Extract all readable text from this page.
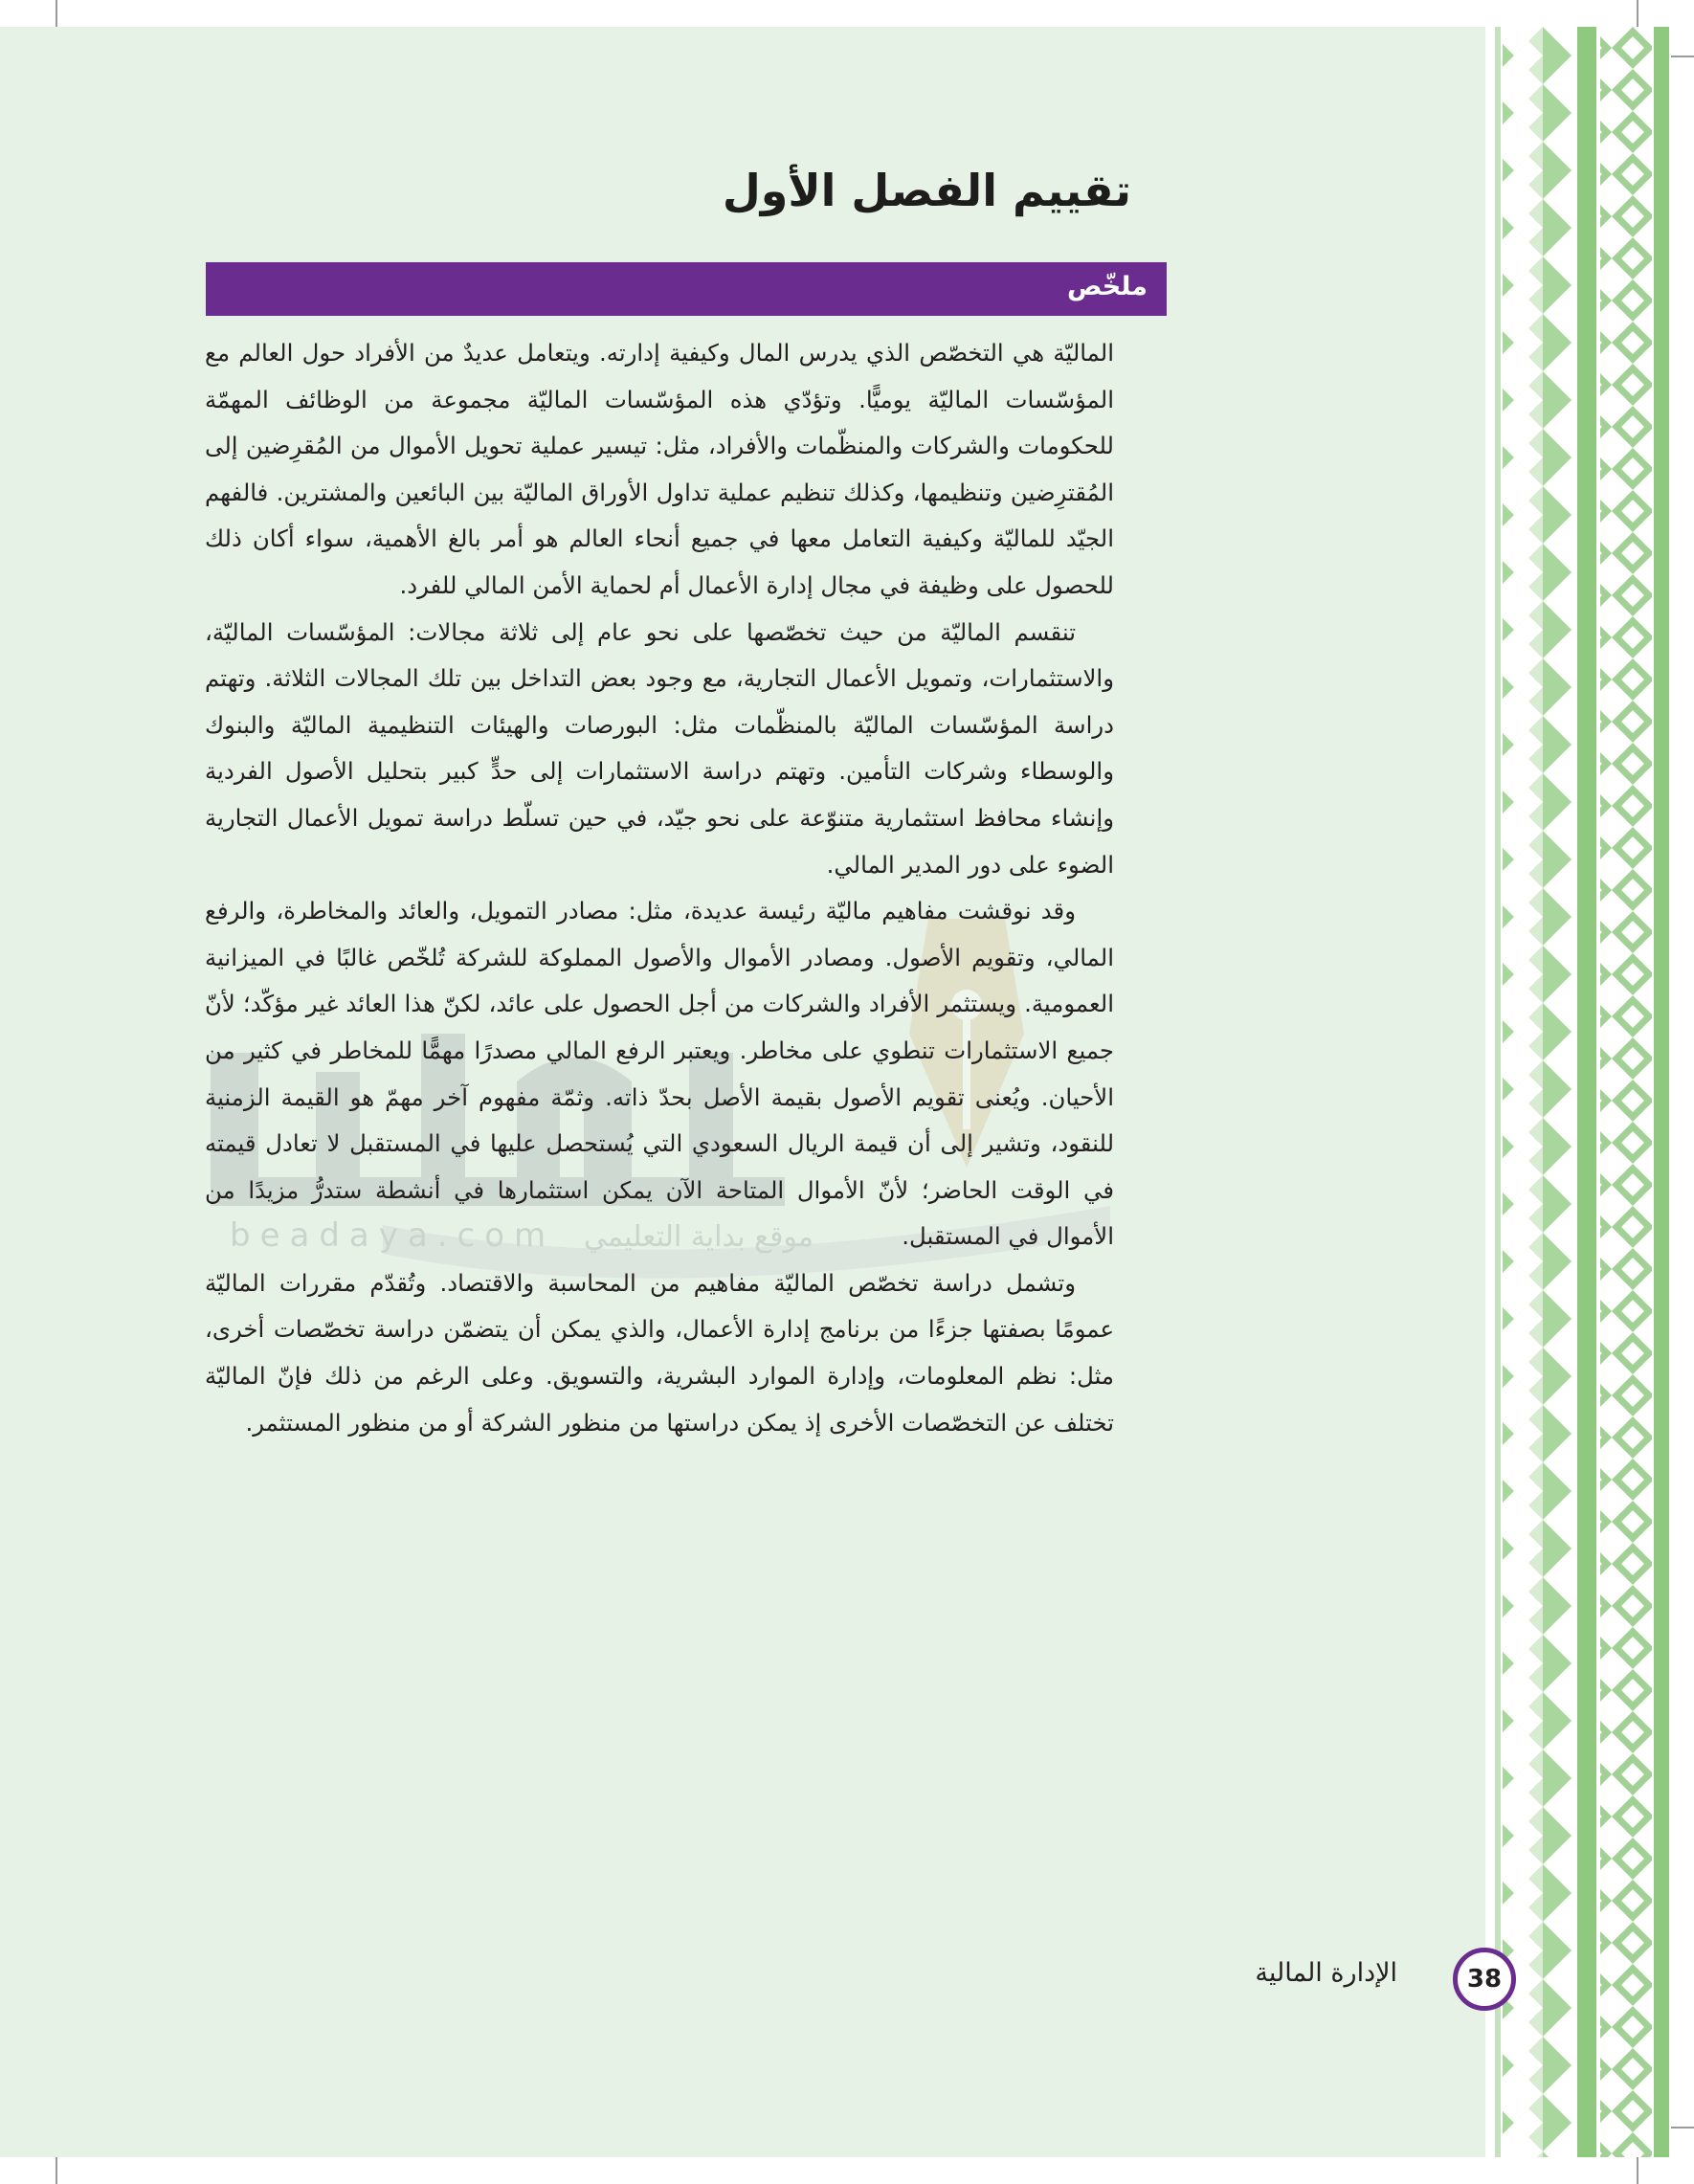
تقييم الفصل الأول
ملخّص
beadaya.com موقع بداية التعليمي

الماليّة هي التخصّص الذي يدرس المال وكيفية إدارته. ويتعامل عديدٌ من الأفراد حول العالم مع المؤسّسات الماليّة يوميًّا. وتؤدّي هذه المؤسّسات الماليّة مجموعة من الوظائف المهمّة للحكومات والشركات والمنظّمات والأفراد، مثل: تيسير عملية تحويل الأموال من المُقرِضين إلى المُقترِضين وتنظيمها، وكذلك تنظيم عملية تداول الأوراق الماليّة بين البائعين والمشترين. فالفهم الجيّد للماليّة وكيفية التعامل معها في جميع أنحاء العالم هو أمر بالغ الأهمية، سواء أكان ذلك للحصول على وظيفة في مجال إدارة الأعمال أم لحماية الأمن المالي للفرد.

تنقسم الماليّة من حيث تخصّصها على نحو عام إلى ثلاثة مجالات: المؤسّسات الماليّة، والاستثمارات، وتمويل الأعمال التجارية، مع وجود بعض التداخل بين تلك المجالات الثلاثة. وتهتم دراسة المؤسّسات الماليّة بالمنظّمات مثل: البورصات والهيئات التنظيمية الماليّة والبنوك والوسطاء وشركات التأمين. وتهتم دراسة الاستثمارات إلى حدٍّ كبير بتحليل الأصول الفردية وإنشاء محافظ استثمارية متنوّعة على نحو جيّد، في حين تسلّط دراسة تمويل الأعمال التجارية الضوء على دور المدير المالي.

وقد نوقشت مفاهيم ماليّة رئيسة عديدة، مثل: مصادر التمويل، والعائد والمخاطرة، والرفع المالي، وتقويم الأصول. ومصادر الأموال والأصول المملوكة للشركة تُلخّص غالبًا في الميزانية العمومية. ويستثمر الأفراد والشركات من أجل الحصول على عائد، لكنّ هذا العائد غير مؤكّد؛ لأنّ جميع الاستثمارات تنطوي على مخاطر. ويعتبر الرفع المالي مصدرًا مهمًّا للمخاطر في كثير من الأحيان. ويُعنى تقويم الأصول بقيمة الأصل بحدّ ذاته. وثمّة مفهوم آخر مهمّ هو القيمة الزمنية للنقود، وتشير إلى أن قيمة الريال السعودي التي يُستحصل عليها في المستقبل لا تعادل قيمته في الوقت الحاضر؛ لأنّ الأموال المتاحة الآن يمكن استثمارها في أنشطة ستدرُّ مزيدًا من الأموال في المستقبل.

وتشمل دراسة تخصّص الماليّة مفاهيم من المحاسبة والاقتصاد. وتُقدّم مقررات الماليّة عمومًا بصفتها جزءًا من برنامج إدارة الأعمال، والذي يمكن أن يتضمّن دراسة تخصّصات أخرى، مثل: نظم المعلومات، وإدارة الموارد البشرية، والتسويق. وعلى الرغم من ذلك فإنّ الماليّة تختلف عن التخصّصات الأخرى إذ يمكن دراستها من منظور الشركة أو من منظور المستثمر.

الإدارة المالية	38
